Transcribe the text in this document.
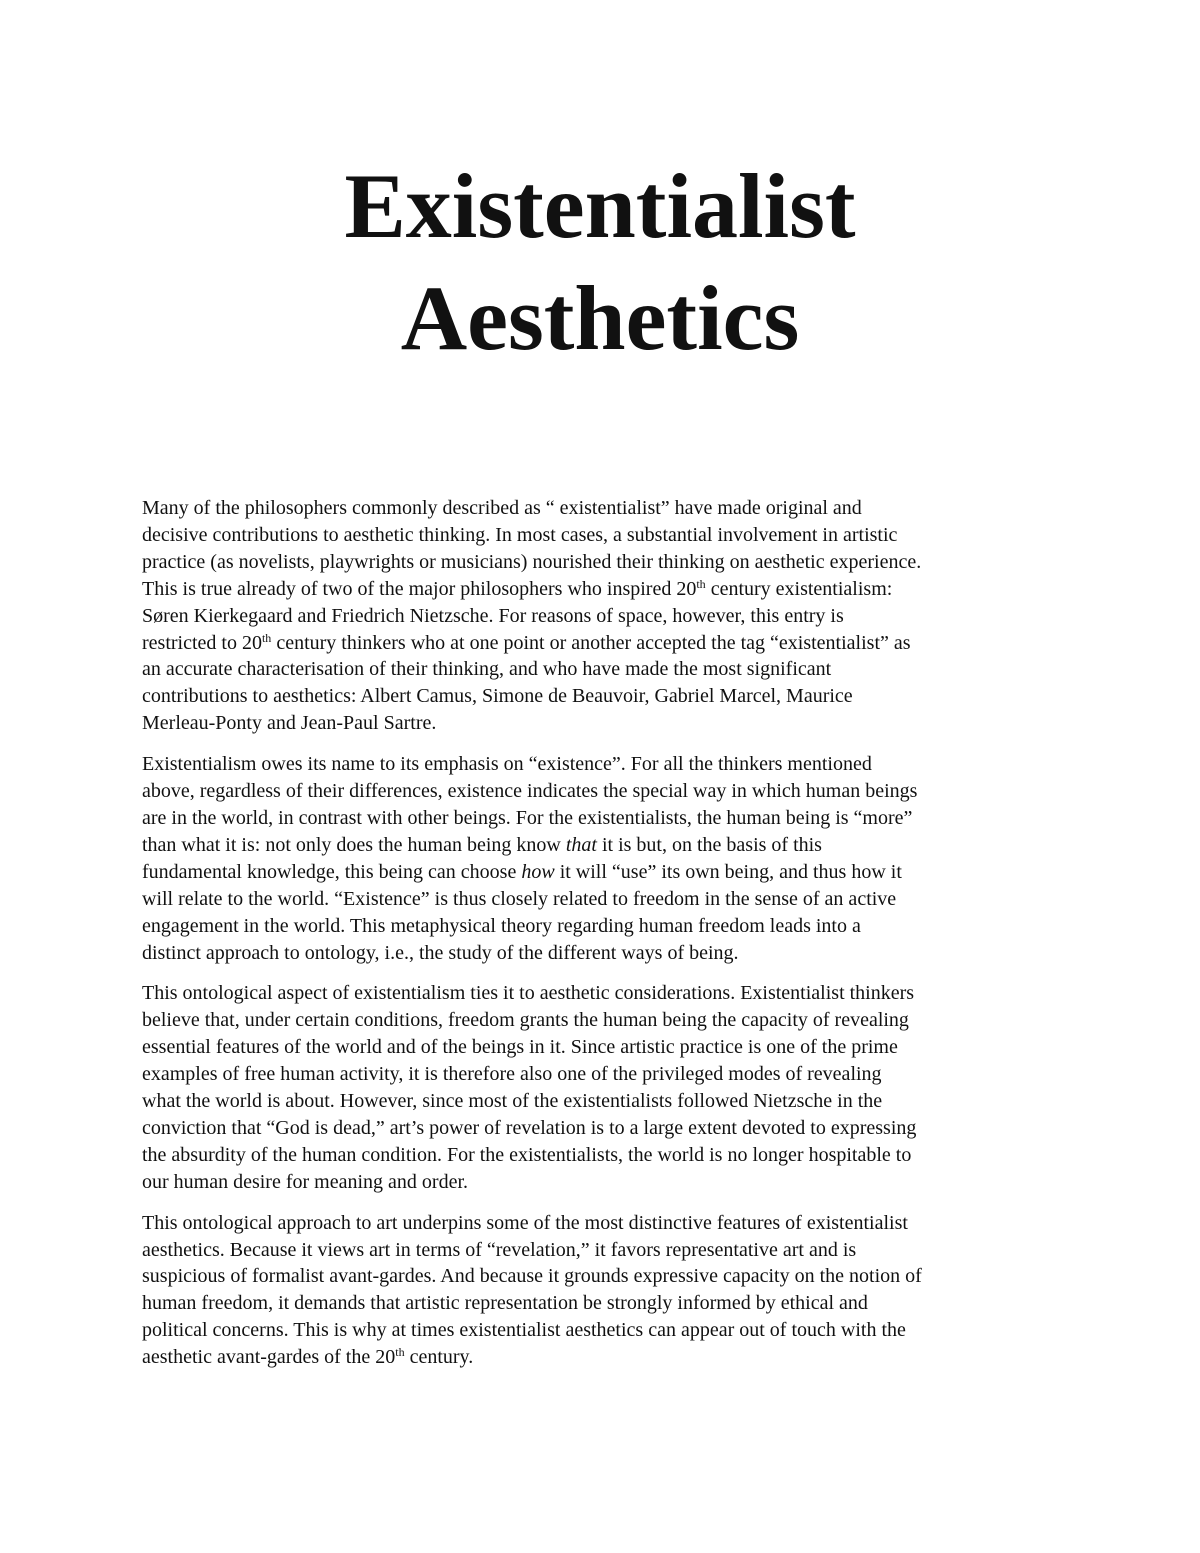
Existentialist
Aesthetics

Many of the philosophers commonly described as “ existentialist” have made original and
decisive contributions to aesthetic thinking. In most cases, a substantial involvement in artistic
practice (as novelists, playwrights or musicians) nourished their thinking on aesthetic experience.
This is true already of two of the major philosophers who inspired 20th century existentialism:
Søren Kierkegaard and Friedrich Nietzsche. For reasons of space, however, this entry is
restricted to 20th century thinkers who at one point or another accepted the tag “existentialist” as
an accurate characterisation of their thinking, and who have made the most significant
contributions to aesthetics: Albert Camus, Simone de Beauvoir, Gabriel Marcel, Maurice
Merleau-Ponty and Jean-Paul Sartre.

Existentialism owes its name to its emphasis on “existence”. For all the thinkers mentioned
above, regardless of their differences, existence indicates the special way in which human beings
are in the world, in contrast with other beings. For the existentialists, the human being is “more”
than what it is: not only does the human being know that it is but, on the basis of this
fundamental knowledge, this being can choose how it will “use” its own being, and thus how it
will relate to the world. “Existence” is thus closely related to freedom in the sense of an active
engagement in the world. This metaphysical theory regarding human freedom leads into a
distinct approach to ontology, i.e., the study of the different ways of being.

This ontological aspect of existentialism ties it to aesthetic considerations. Existentialist thinkers
believe that, under certain conditions, freedom grants the human being the capacity of revealing
essential features of the world and of the beings in it. Since artistic practice is one of the prime
examples of free human activity, it is therefore also one of the privileged modes of revealing
what the world is about. However, since most of the existentialists followed Nietzsche in the
conviction that “God is dead,” art’s power of revelation is to a large extent devoted to expressing
the absurdity of the human condition. For the existentialists, the world is no longer hospitable to
our human desire for meaning and order.

This ontological approach to art underpins some of the most distinctive features of existentialist
aesthetics. Because it views art in terms of “revelation,” it favors representative art and is
suspicious of formalist avant-gardes. And because it grounds expressive capacity on the notion of
human freedom, it demands that artistic representation be strongly informed by ethical and
political concerns. This is why at times existentialist aesthetics can appear out of touch with the
aesthetic avant-gardes of the 20th century.
